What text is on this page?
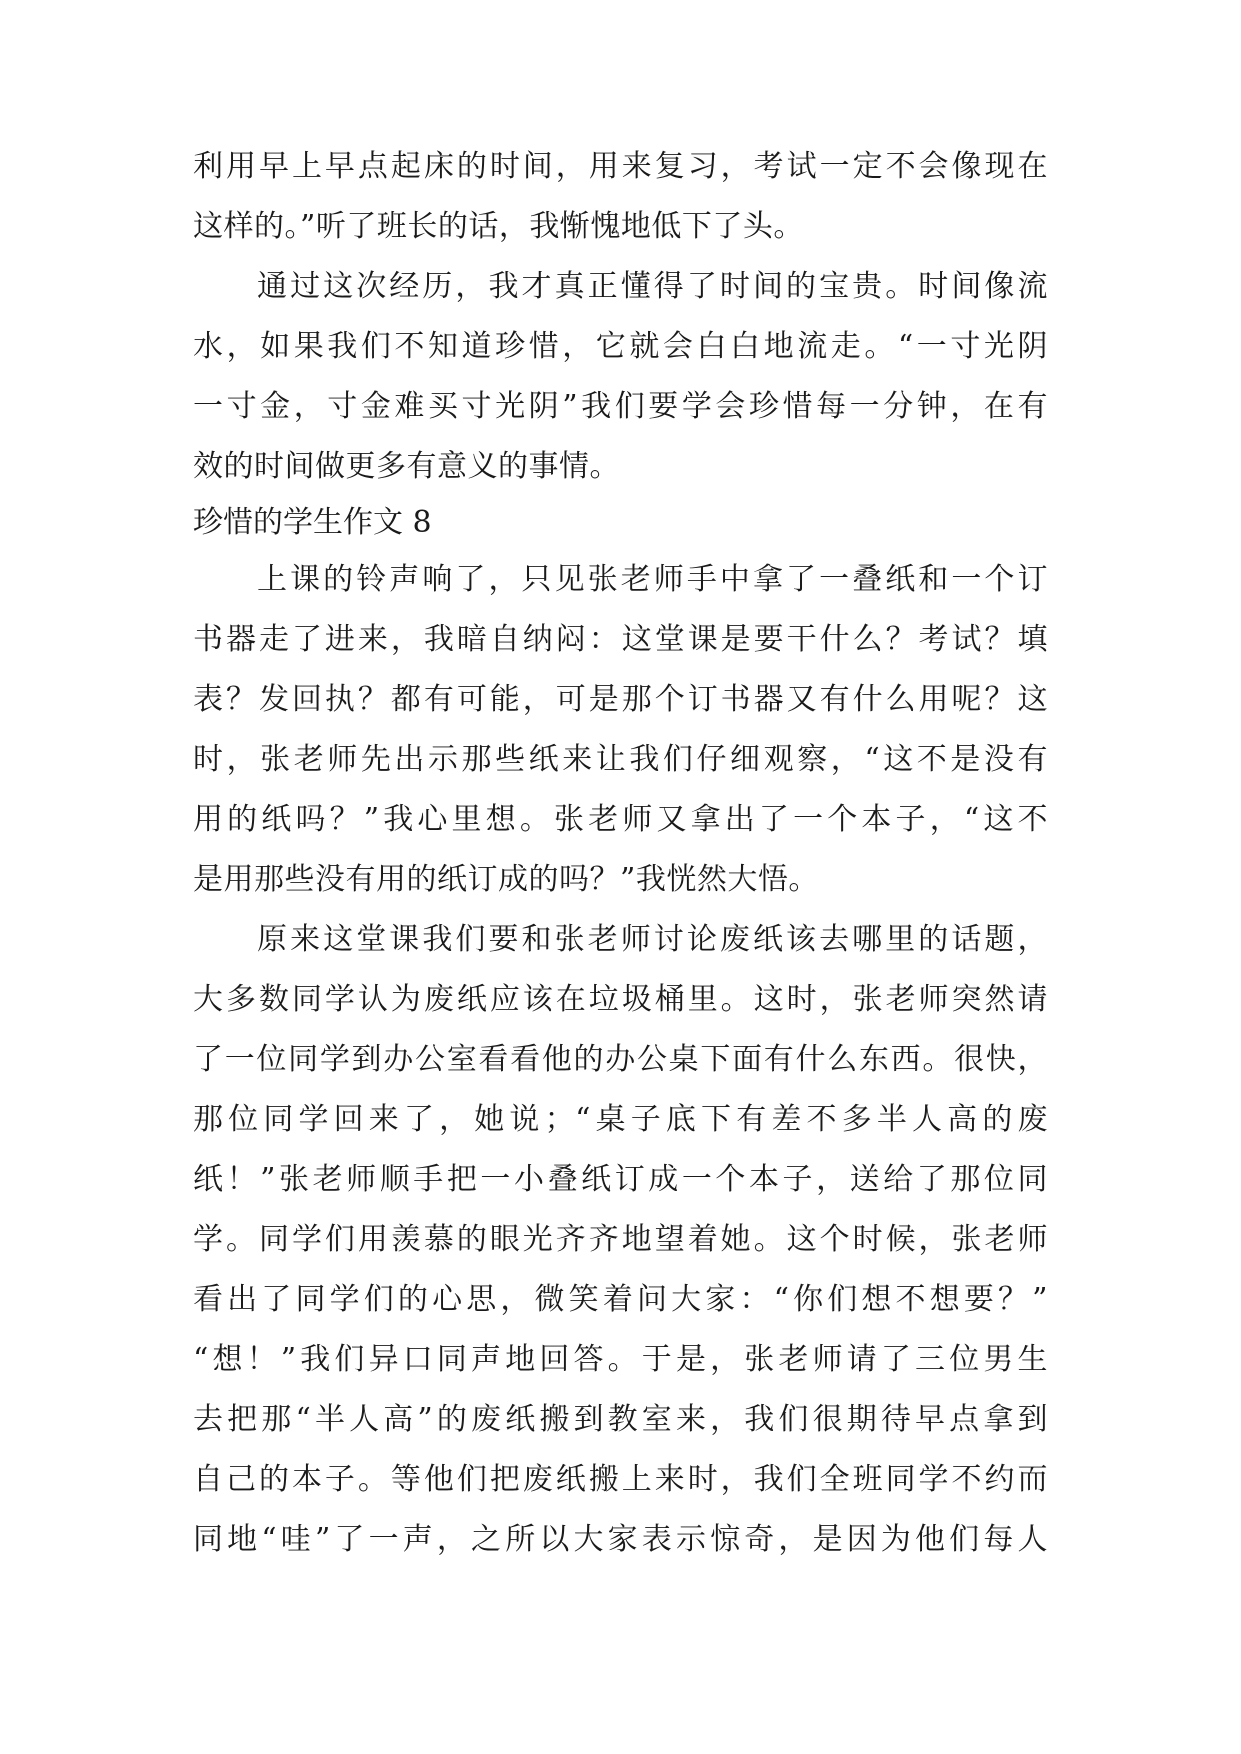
利用早上早点起床的时间，用来复习，考试一定不会像现在
这样的。”听了班长的话，我惭愧地低下了头。
通过这次经历，我才真正懂得了时间的宝贵。时间像流
水，如果我们不知道珍惜，它就会白白地流走。“一寸光阴
一寸金，寸金难买寸光阴”我们要学会珍惜每一分钟，在有
效的时间做更多有意义的事情。
珍惜的学生作文 8
上课的铃声响了，只见张老师手中拿了一叠纸和一个订
书器走了进来，我暗自纳闷：这堂课是要干什么？考试？填
表？发回执？都有可能，可是那个订书器又有什么用呢？这
时，张老师先出示那些纸来让我们仔细观察，“这不是没有
用的纸吗？”我心里想。张老师又拿出了一个本子，“这不
是用那些没有用的纸订成的吗？”我恍然大悟。
原来这堂课我们要和张老师讨论废纸该去哪里的话题，
大多数同学认为废纸应该在垃圾桶里。这时，张老师突然请
了一位同学到办公室看看他的办公桌下面有什么东西。很快，
那位同学回来了，她说；“桌子底下有差不多半人高的废
纸！”张老师顺手把一小叠纸订成一个本子，送给了那位同
学。同学们用羡慕的眼光齐齐地望着她。这个时候，张老师
看出了同学们的心思，微笑着问大家：“你们想不想要？”
“想！”我们异口同声地回答。于是，张老师请了三位男生
去把那“半人高”的废纸搬到教室来，我们很期待早点拿到
自己的本子。等他们把废纸搬上来时，我们全班同学不约而
同地“哇”了一声，之所以大家表示惊奇，是因为他们每人
